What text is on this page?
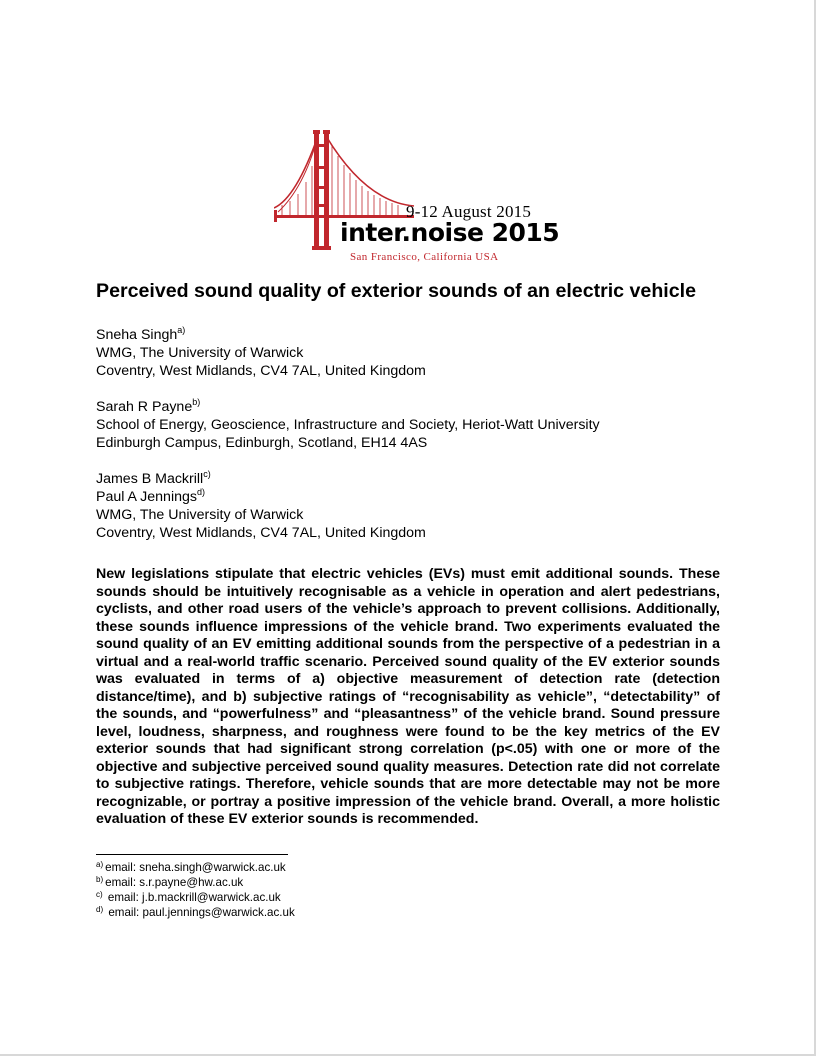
9-12 August 2015
inter.noise 2015
San Francisco, California USA
Perceived sound quality of exterior sounds of an electric vehicle
Sneha Singh$^{a)}$
WMG, The University of Warwick
Coventry, West Midlands, CV4 7AL, United Kingdom
Sarah R Payne$^{b)}$
School of Energy, Geoscience, Infrastructure and Society, Heriot-Watt University
Edinburgh Campus, Edinburgh, Scotland, EH14 4AS
James B Mackrill$^{c)}$
Paul A Jennings$^{d)}$
WMG, The University of Warwick
Coventry, West Midlands, CV4 7AL, United Kingdom

New legislations stipulate that electric vehicles (EVs) must emit additional sounds. These sounds should be intuitively recognisable as a vehicle in operation and alert pedestrians, cyclists, and other road users of the vehicle’s approach to prevent collisions. Additionally, these sounds influence impressions of the vehicle brand. Two experiments evaluated the sound quality of an EV emitting additional sounds from the perspective of a pedestrian in a virtual and a real-world traffic scenario. Perceived sound quality of the EV exterior sounds was evaluated in terms of a) objective measurement of detection rate (detection distance/time), and b) subjective ratings of “recognisability as vehicle”, “detectability” of the sounds, and “powerfulness” and “pleasantness” of the vehicle brand. Sound pressure level, loudness, sharpness, and roughness were found to be the key metrics of the EV exterior sounds that had significant strong correlation (p<.05) with one or more of the objective and subjective perceived sound quality measures. Detection rate did not correlate to subjective ratings. Therefore, vehicle sounds that are more detectable may not be more recognizable, or portray a positive impression of the vehicle brand. Overall, a more holistic evaluation of these EV exterior sounds is recommended.

$^{a)}$ email: sneha.singh@warwick.ac.uk
$^{b)}$ email: s.r.payne@hw.ac.uk
$^{c)}$ email: j.b.mackrill@warwick.ac.uk
$^{d)}$ email: paul.jennings@warwick.ac.uk
